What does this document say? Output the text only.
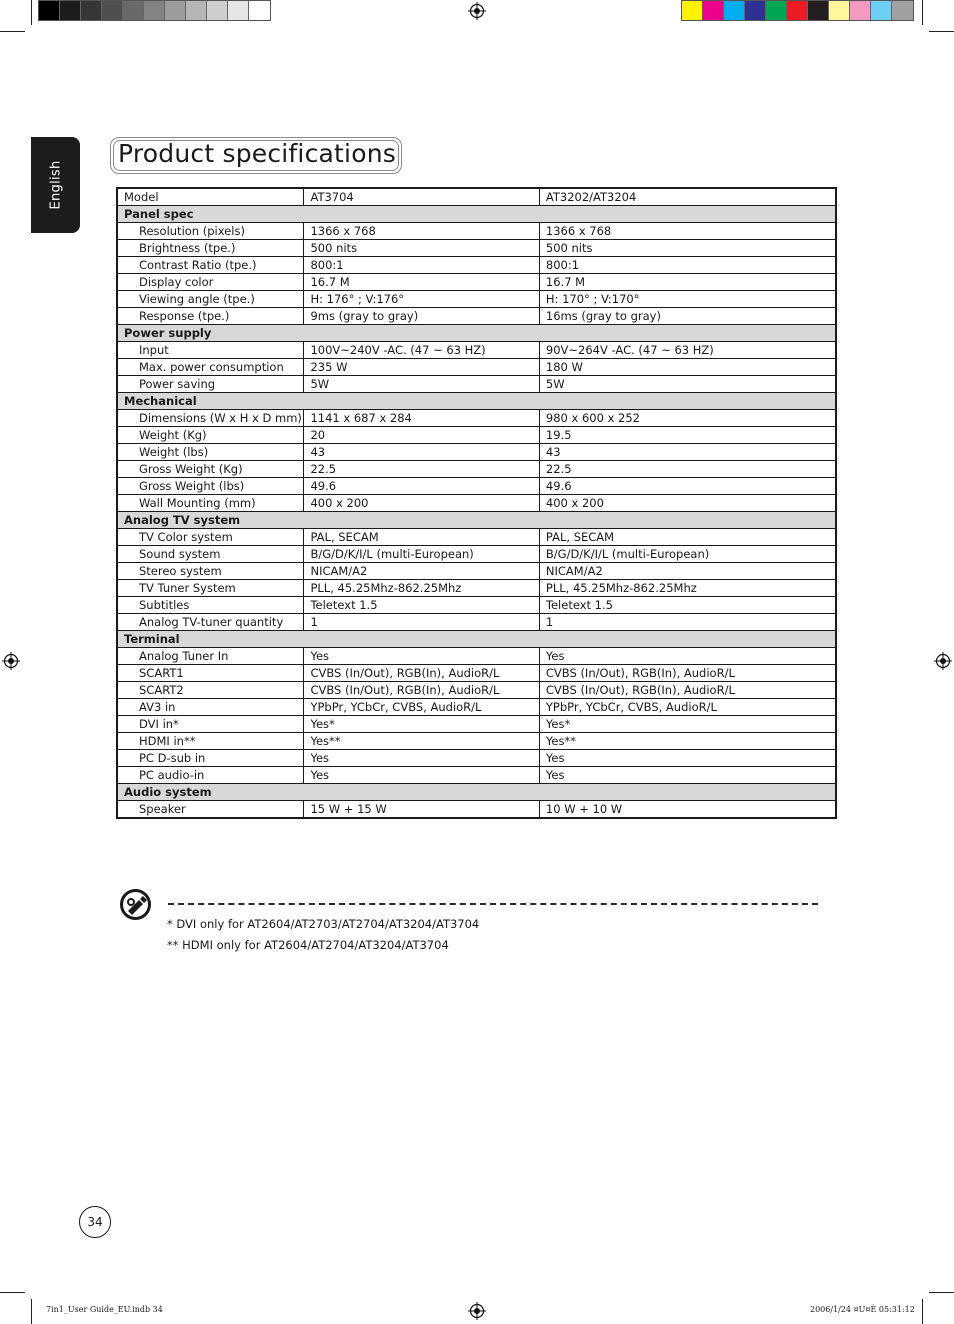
English
Product specifications
Model	AT3704	AT3202/AT3204
Panel spec		
Resolution (pixels)	1366 x 768	1366 x 768
Brightness (tpe.)	500 nits	500 nits
Contrast Ratio (tpe.)	800:1	800:1
Display color	16.7 M	16.7 M
Viewing angle (tpe.)	H: 176° ; V:176°	H: 170° ; V:170°
Response (tpe.)	9ms (gray to gray)	16ms (gray to gray)
Power supply		
Input	100V~240V -AC. (47 ~ 63 HZ)	90V~264V -AC. (47 ~ 63 HZ)
Max. power consumption	235 W	180 W
Power saving	5W	5W
Mechanical		
Dimensions (W x H x D mm)	1141 x 687 x 284	980 x 600 x 252
Weight (Kg)	20	19.5
Weight (lbs)	43	43
Gross Weight (Kg)	22.5	22.5
Gross Weight (lbs)	49.6	49.6
Wall Mounting (mm)	400 x 200	400 x 200
Analog TV system		
TV Color system	PAL, SECAM	PAL, SECAM
Sound system	B/G/D/K/I/L (multi-European)	B/G/D/K/I/L (multi-European)
Stereo system	NICAM/A2	NICAM/A2
TV Tuner System	PLL, 45.25Mhz-862.25Mhz	PLL, 45.25Mhz-862.25Mhz
Subtitles	Teletext 1.5	Teletext 1.5
Analog TV-tuner quantity	1	1
Terminal		
Analog Tuner In	Yes	Yes
SCART1	CVBS (In/Out), RGB(In), AudioR/L	CVBS (In/Out), RGB(In), AudioR/L
SCART2	CVBS (In/Out), RGB(In), AudioR/L	CVBS (In/Out), RGB(In), AudioR/L
AV3 in	YPbPr, YCbCr, CVBS, AudioR/L	YPbPr, YCbCr, CVBS, AudioR/L
DVI in*	Yes*	Yes*
HDMI in**	Yes**	Yes**
PC D-sub in	Yes	Yes
PC audio-in	Yes	Yes
Audio system		
Speaker	15 W + 15 W	10 W + 10 W
* DVI only for AT2604/AT2703/AT2704/AT3204/AT3704
** HDMI only for AT2604/AT2704/AT3204/AT3704
34
7in1_User Guide_EU.indb 34	2006/1/24 ¤U¤È 05:31:12
